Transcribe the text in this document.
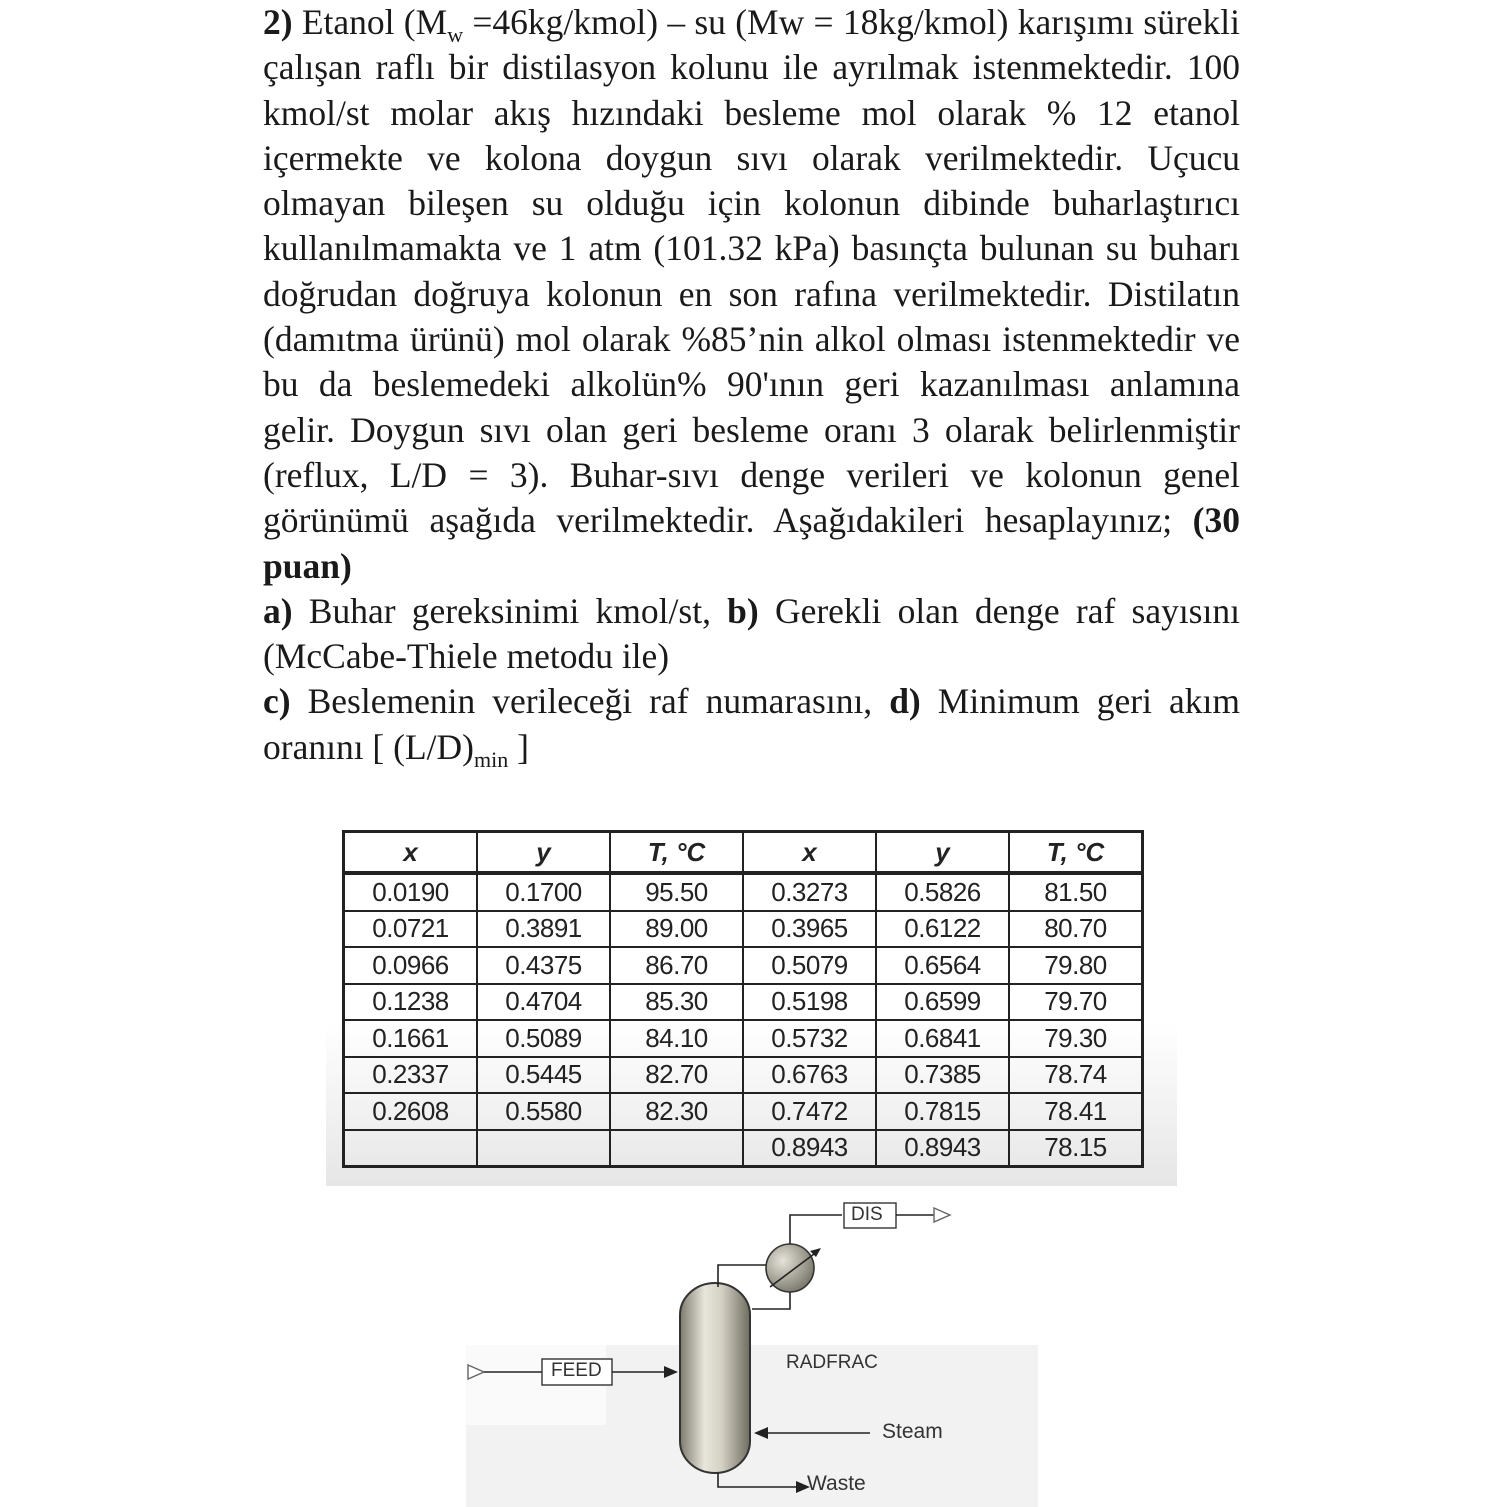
2) Etanol ($M_w$ =46kg/kmol) – su (Mw = 18kg/kmol) karışımı sürekli çalışan raflı bir distilasyon kolunu ile ayrılmak istenmektedir. 100 kmol/st molar akış hızındaki besleme mol olarak % 12 etanol içermekte ve kolona doygun sıvı olarak verilmektedir. Uçucu olmayan bileşen su olduğu için kolonun dibinde buharlaştırıcı kullanılmamakta ve 1 atm (101.32 kPa) basınçta bulunan su buharı doğrudan doğruya kolonun en son rafına verilmektedir. Distilatın (damıtma ürünü) mol olarak %85’nin alkol olması istenmektedir ve bu da beslemedeki alkolün% 90'ının geri kazanılması anlamına gelir. Doygun sıvı olan geri besleme oranı 3 olarak belirlenmiştir (reflux, L/D = 3). Buhar-sıvı denge verileri ve kolonun genel görünümü aşağıda verilmektedir. Aşağıdakileri hesaplayınız; (30 puan)

a) Buhar gereksinimi kmol/st, b) Gerekli olan denge raf sayısını (McCabe-Thiele metodu ile)

c) Beslemenin verileceği raf numarasını, d) Minimum geri akım oranını [ $(L/D)_{min}$ ]

x	y	T, °C	x	y	T, °C
0.0190	0.1700	95.50	0.3273	0.5826	81.50
0.0721	0.3891	89.00	0.3965	0.6122	80.70
0.0966	0.4375	86.70	0.5079	0.6564	79.80
0.1238	0.4704	85.30	0.5198	0.6599	79.70
0.1661	0.5089	84.10	0.5732	0.6841	79.30
0.2337	0.5445	82.70	0.6763	0.7385	78.74
0.2608	0.5580	82.30	0.7472	0.7815	78.41
			0.8943	0.8943	78.15
DIS
FEED	RADFRAC
Steam
Waste
